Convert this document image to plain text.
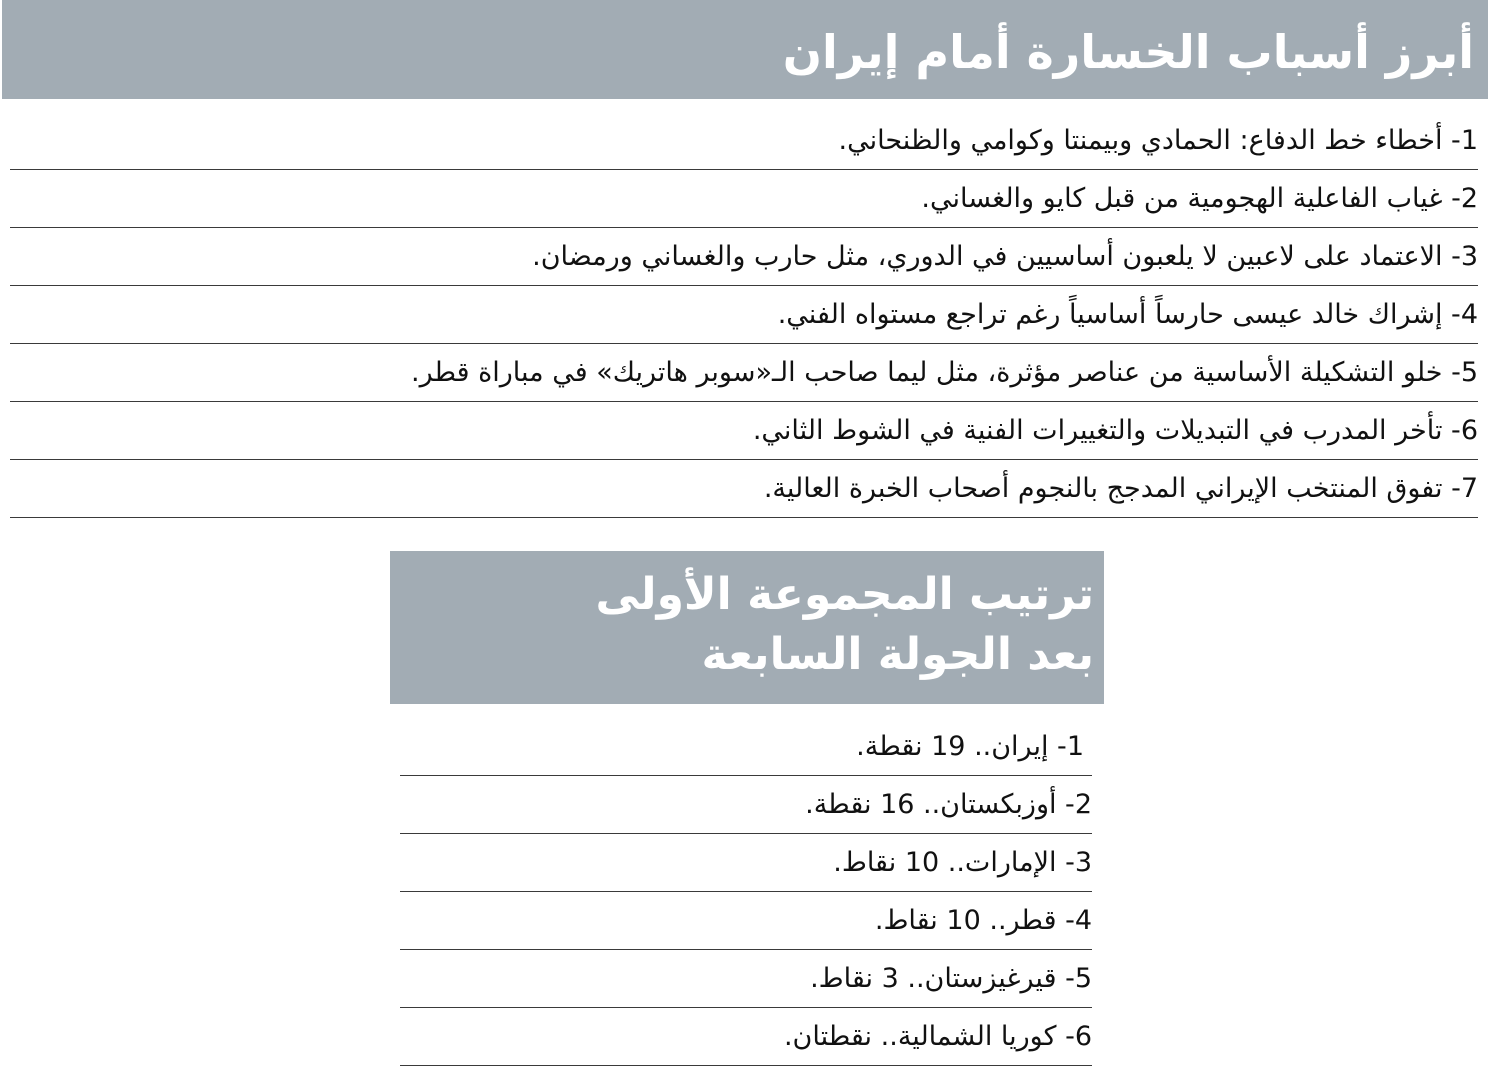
أبرز أسباب الخسارة أمام إيران
1- أخطاء خط الدفاع: الحمادي وبيمنتا وكوامي والظنحاني.
2- غياب الفاعلية الهجومية من قبل كايو والغساني.
3- الاعتماد على لاعبين لا يلعبون أساسيين في الدوري، مثل حارب والغساني ورمضان.
4- إشراك خالد عيسى حارساً أساسياً رغم تراجع مستواه الفني.
5- خلو التشكيلة الأساسية من عناصر مؤثرة، مثل ليما صاحب الـ«سوبر هاتريك» في مباراة قطر.
6- تأخر المدرب في التبديلات والتغييرات الفنية في الشوط الثاني.
7- تفوق المنتخب الإيراني المدجج بالنجوم أصحاب الخبرة العالية.
ترتيب المجموعة الأولى
بعد الجولة السابعة
1- إيران.. 19 نقطة.
2- أوزبكستان.. 16 نقطة.
3- الإمارات.. 10 نقاط.
4- قطر.. 10 نقاط.
5- قيرغيزستان.. 3 نقاط.
6- كوريا الشمالية.. نقطتان.
